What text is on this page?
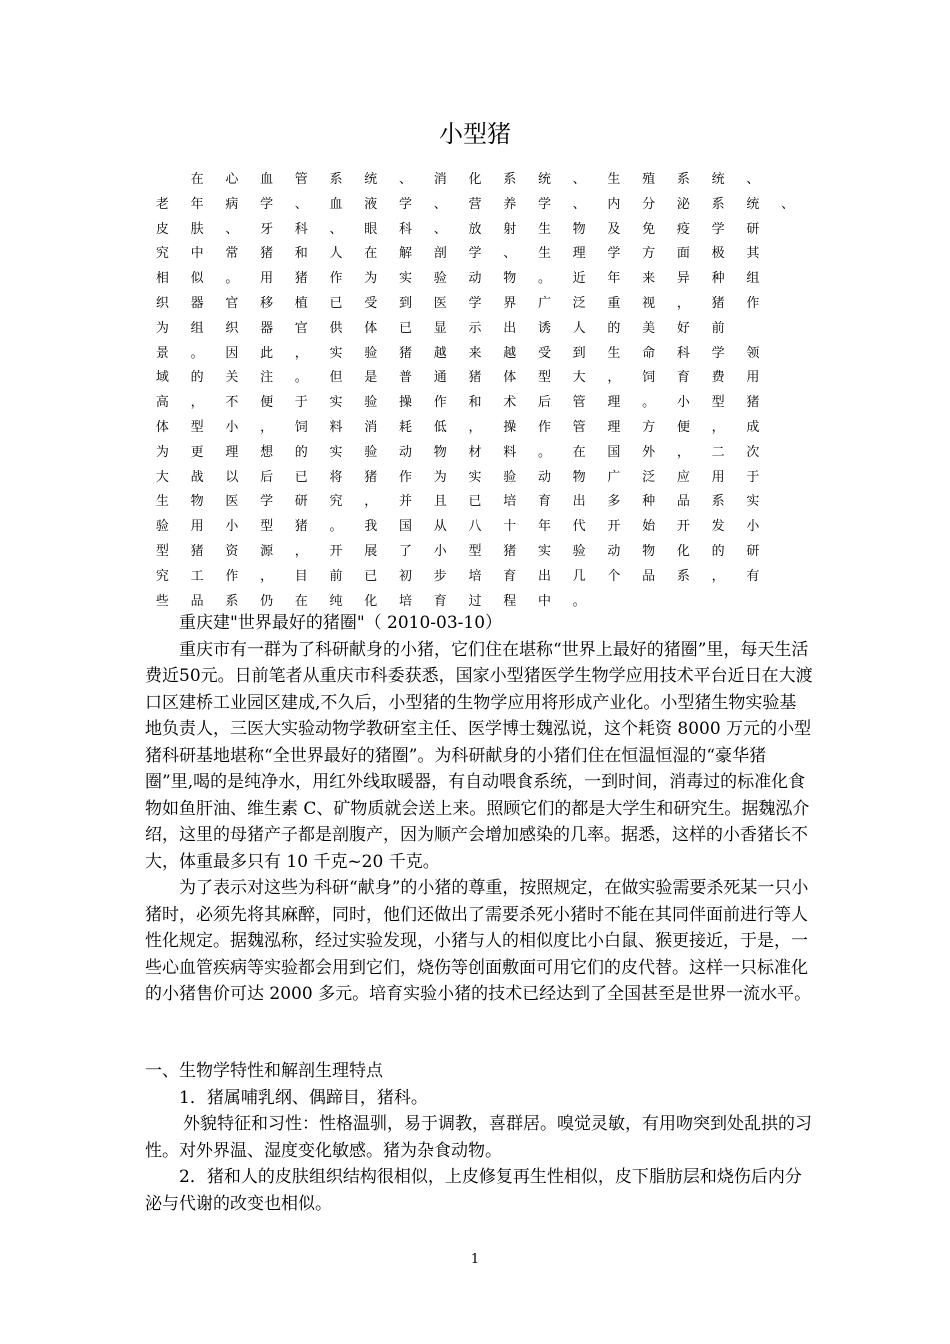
小型猪
在 心 血 管 系 统 、 消 化 系 统 、 生 殖 系 统 、
老 年 病 学 、 血 液 学 、 营 养 学 、 内 分 泌 系 统 、
皮 肤 、 牙 科 、 眼 科 、 放 射 生 物 及 免 疫 学 研
究 中 常 猪 和 人 在 解 剖 学 、 生 理 学 方 面 极 其
相 似 。 用 猪 作 为 实 验 动 物 。 近 年 来 异 种 组
织 器 官 移 植 已 受 到 医 学 界 广 泛 重 视 ， 猪 作
为 组 织 器 官 供 体 已 显 示 出 诱 人 的 美 好 前
景 。 因 此 ， 实 验 猪 越 来 越 受 到 生 命 科 学 领
域 的 关 注 。 但 是 普 通 猪 体 型 大 ， 饲 育 费 用
高 ， 不 便 于 实 验 操 作 和 术 后 管 理 。 小 型 猪
体 型 小 ， 饲 料 消 耗 低 ， 操 作 管 理 方 便 ， 成
为 更 理 想 的 实 验 动 物 材 料 。 在 国 外 ， 二 次
大 战 以 后 已 将 猪 作 为 实 验 动 物 广 泛 应 用 于
生 物 医 学 研 究 ， 并 且 已 培 育 出 多 种 品 系 实
验 用 小 型 猪 。 我 国 从 八 十 年 代 开 始 开 发 小
型 猪 资 源 ， 开 展 了 小 型 猪 实 验 动 物 化 的 研
究 工 作 ， 目 前 已 初 步 培 育 出 几 个 品 系 ， 有
些 品 系 仍 在 纯 化 培 育 过 程 中 。

重庆建"世界最好的猪圈"（ 2010-03-10）

重庆市有一群为了科研献身的小猪，它们住在堪称“世界上最好的猪圈”里，每天生活费近50元。日前笔者从重庆市科委获悉，国家小型猪医学生物学应用技术平台近日在大渡口区建桥工业园区建成,不久后，小型猪的生物学应用将形成产业化。小型猪生物实验基地负责人，三医大实验动物学教研室主任、医学博士魏泓说，这个耗资 8000 万元的小型猪科研基地堪称“全世界最好的猪圈”。为科研献身的小猪们住在恒温恒湿的“豪华猪圈”里,喝的是纯净水，用红外线取暖器，有自动喂食系统，一到时间，消毒过的标准化食物如鱼肝油、维生素 C、矿物质就会送上来。照顾它们的都是大学生和研究生。据魏泓介绍，这里的母猪产子都是剖腹产，因为顺产会增加感染的几率。据悉，这样的小香猪长不大，体重最多只有 10 千克~20 千克。

为了表示对这些为科研“献身”的小猪的尊重，按照规定，在做实验需要杀死某一只小猪时，必须先将其麻醉，同时，他们还做出了需要杀死小猪时不能在其同伴面前进行等人性化规定。据魏泓称，经过实验发现，小猪与人的相似度比小白鼠、猴更接近，于是，一些心血管疾病等实验都会用到它们，烧伤等创面敷面可用它们的皮代替。这样一只标准化的小猪售价可达 2000 多元。培育实验小猪的技术已经达到了全国甚至是世界一流水平。

一、生物学特性和解剖生理特点

1．猪属哺乳纲、偶蹄目，猪科。

外貌特征和习性：性格温驯，易于调教，喜群居。嗅觉灵敏，有用吻突到处乱拱的习性。对外界温、湿度变化敏感。猪为杂食动物。

2．猪和人的皮肤组织结构很相似，上皮修复再生性相似，皮下脂肪层和烧伤后内分泌与代谢的改变也相似。

1
